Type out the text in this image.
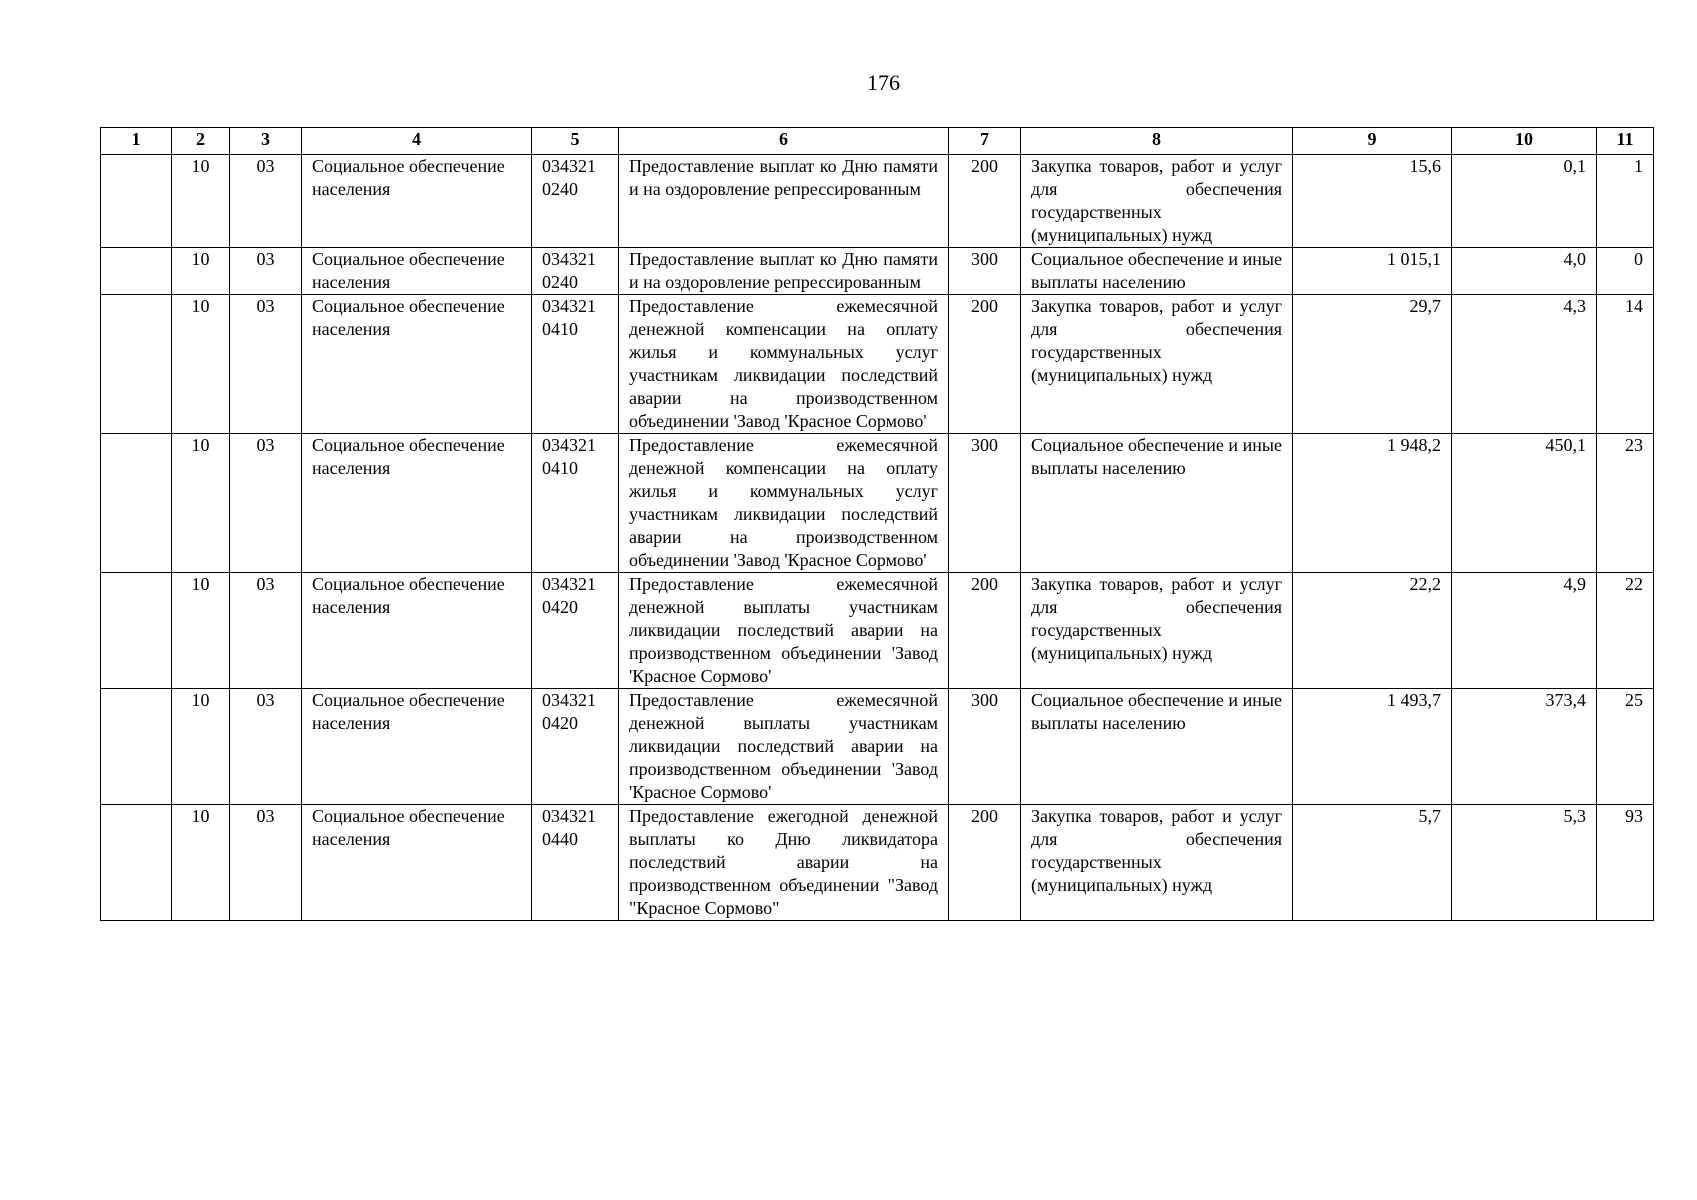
176
1	2	3	4	5	6	7	8	9	10	11
	10	03	Социальное обеспечение населения	034321 0240	Предоставление выплат ко Дню памяти и на оздоровление репрессированным	200	Закупка товаров, работ и услуг для обеспечения государственных (муниципальных) нужд	15,6	0,1	1
	10	03	Социальное обеспечение населения	034321 0240	Предоставление выплат ко Дню памяти и на оздоровление репрессированным	300	Социальное обеспечение и иные выплаты населению	1 015,1	4,0	0
	10	03	Социальное обеспечение населения	034321 0410	Предоставление ежемесячной денежной компенсации на оплату жилья и коммунальных услуг участникам ликвидации последствий аварии на производственном объединении 'Завод 'Красное Сормово'	200	Закупка товаров, работ и услуг для обеспечения государственных (муниципальных) нужд	29,7	4,3	14
	10	03	Социальное обеспечение населения	034321 0410	Предоставление ежемесячной денежной компенсации на оплату жилья и коммунальных услуг участникам ликвидации последствий аварии на производственном объединении 'Завод 'Красное Сормово'	300	Социальное обеспечение и иные выплаты населению	1 948,2	450,1	23
	10	03	Социальное обеспечение населения	034321 0420	Предоставление ежемесячной денежной выплаты участникам ликвидации последствий аварии на производственном объединении 'Завод 'Красное Сормово'	200	Закупка товаров, работ и услуг для обеспечения государственных (муниципальных) нужд	22,2	4,9	22
	10	03	Социальное обеспечение населения	034321 0420	Предоставление ежемесячной денежной выплаты участникам ликвидации последствий аварии на производственном объединении 'Завод 'Красное Сормово'	300	Социальное обеспечение и иные выплаты населению	1 493,7	373,4	25
	10	03	Социальное обеспечение населения	034321 0440	Предоставление ежегодной денежной выплаты ко Дню ликвидатора последствий аварии на производственном объединении "Завод "Красное Сормово"	200	Закупка товаров, работ и услуг для обеспечения государственных (муниципальных) нужд	5,7	5,3	93
